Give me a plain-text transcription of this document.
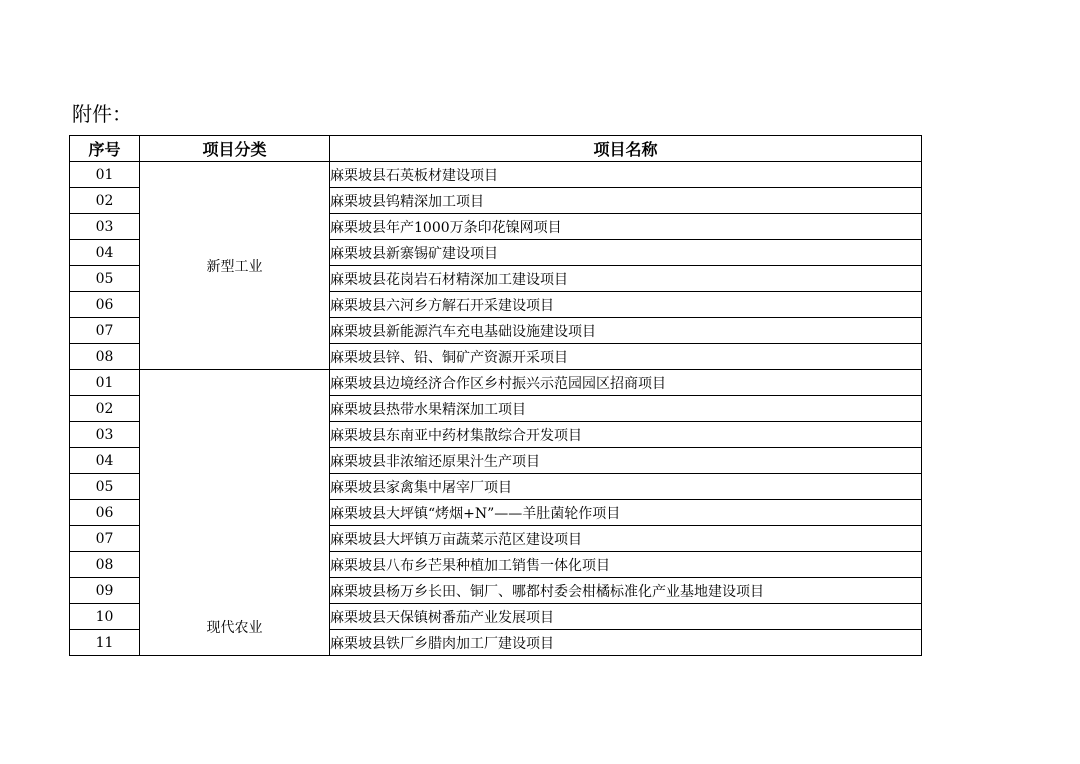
附件：
序号	项目分类	项目名称
01	新型工业	麻栗坡县石英板材建设项目
02		麻栗坡县钨精深加工项目
03		麻栗坡县年产1000万条印花镍网项目
04		麻栗坡县新寨锡矿建设项目
05		麻栗坡县花岗岩石材精深加工建设项目
06		麻栗坡县六河乡方解石开采建设项目
07		麻栗坡县新能源汽车充电基础设施建设项目
08		麻栗坡县锌、铅、铜矿产资源开采项目
01	现代农业	麻栗坡县边境经济合作区乡村振兴示范园园区招商项目
02		麻栗坡县热带水果精深加工项目
03		麻栗坡县东南亚中药材集散综合开发项目
04		麻栗坡县非浓缩还原果汁生产项目
05		麻栗坡县家禽集中屠宰厂项目
06		麻栗坡县大坪镇“烤烟+N”——羊肚菌轮作项目
07		麻栗坡县大坪镇万亩蔬菜示范区建设项目
08		麻栗坡县八布乡芒果种植加工销售一体化项目
09		麻栗坡县杨万乡长田、铜厂、哪都村委会柑橘标准化产业基地建设项目
10		麻栗坡县天保镇树番茄产业发展项目
11		麻栗坡县铁厂乡腊肉加工厂建设项目
